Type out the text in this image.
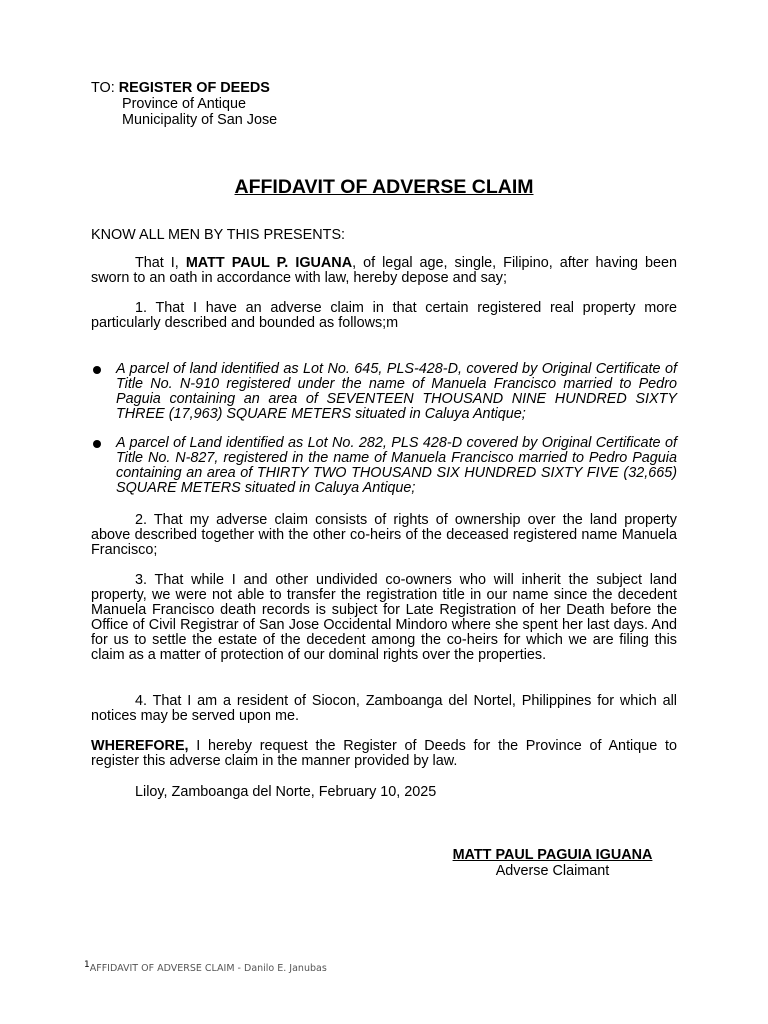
TO: REGISTER OF DEEDS
Province of Antique
Municipality of San Jose
AFFIDAVIT OF ADVERSE CLAIM
KNOW ALL MEN BY THIS PRESENTS:

That I, MATT PAUL P. IGUANA, of legal age, single, Filipino, after having been sworn to an oath in accordance with law, hereby depose and say;

1. That I have an adverse claim in that certain registered real property more particularly described and bounded as follows;m

A parcel of land identified as Lot No. 645, PLS-428-D, covered by Original Certificate of Title No. N-910 registered under the name of Manuela Francisco married to Pedro Paguia containing an area of SEVENTEEN THOUSAND NINE HUNDRED SIXTY THREE (17,963) SQUARE METERS situated in Caluya Antique;
A parcel of Land identified as Lot No. 282, PLS 428-D covered by Original Certificate of Title No. N-827, registered in the name of Manuela Francisco married to Pedro Paguia containing an area of THIRTY TWO THOUSAND SIX HUNDRED SIXTY FIVE (32,665) SQUARE METERS situated in Caluya Antique;

2. That my adverse claim consists of rights of ownership over the land property above described together with the other co-heirs of the deceased registered name Manuela Francisco;

3. That while I and other undivided co-owners who will inherit the subject land property, we were not able to transfer the registration title in our name since the decedent Manuela Francisco death records is subject for Late Registration of her Death before the Office of Civil Registrar of San Jose Occidental Mindoro where she spent her last days. And for us to settle the estate of the decedent among the co-heirs for which we are filing this claim as a matter of protection of our dominal rights over the properties.

4. That I am a resident of Siocon, Zamboanga del Nortel, Philippines for which all notices may be served upon me.

WHEREFORE, I hereby request the Register of Deeds for the Province of Antique to register this adverse claim in the manner provided by law.

Liloy, Zamboanga del Norte, February 10, 2025

MATT PAUL PAGUIA IGUANA
Adverse Claimant
$^1$AFFIDAVIT OF ADVERSE CLAIM - Danilo E. Janubas
